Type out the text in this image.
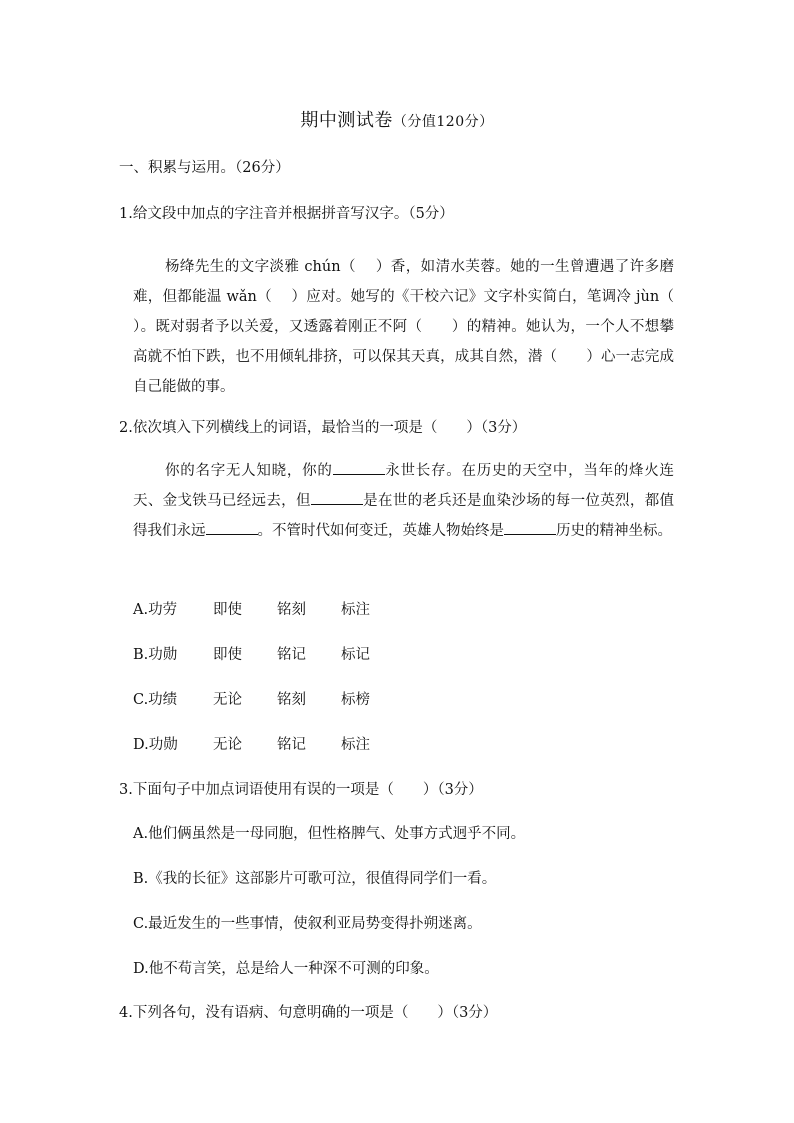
期中测试卷（分值120分）
一、积累与运用。（26分）
1.给文段中加点的字注音并根据拼音写汉字。（5分）
杨绛先生的文字淡雅 chún（　 ）香，如清水芙蓉。她的一生曾遭遇了许多磨难，但都能温 wǎn（　 ）应对。她写的《干校六记》文字朴实简白，笔调冷 jùn（　 ）。既对弱者予以关爱，又透露着刚正不阿（　　）的精神。她认为，一个人不想攀高就不怕下跌，也不用倾轧排挤，可以保其天真，成其自然，潜（　　）心一志完成自己能做的事。
2.依次填入下列横线上的词语，最恰当的一项是（　　）（3分）
你的名字无人知晓，你的	永世长存。在历史的天空中，当年的烽火连天、金戈铁马已经远去，但	是在世的老兵还是血染沙场的每一位英烈，都值得我们永远	。不管时代如何变迁，英雄人物始终是	历史的精神坐标。
A.功劳 即使 铭刻 标注
B.功勋 即使 铭记 标记
C.功绩 无论 铭刻 标榜
D.功勋 无论 铭记 标注
3.下面句子中加点词语使用有误的一项是（　　）（3分）
A.他们俩虽然是一母同胞，但性格脾气、处事方式迥乎不同。
B.《我的长征》这部影片可歌可泣，很值得同学们一看。
C.最近发生的一些事情，使叙利亚局势变得扑朔迷离。
D.他不苟言笑，总是给人一种深不可测的印象。
4.下列各句，没有语病、句意明确的一项是（　　）（3分）
